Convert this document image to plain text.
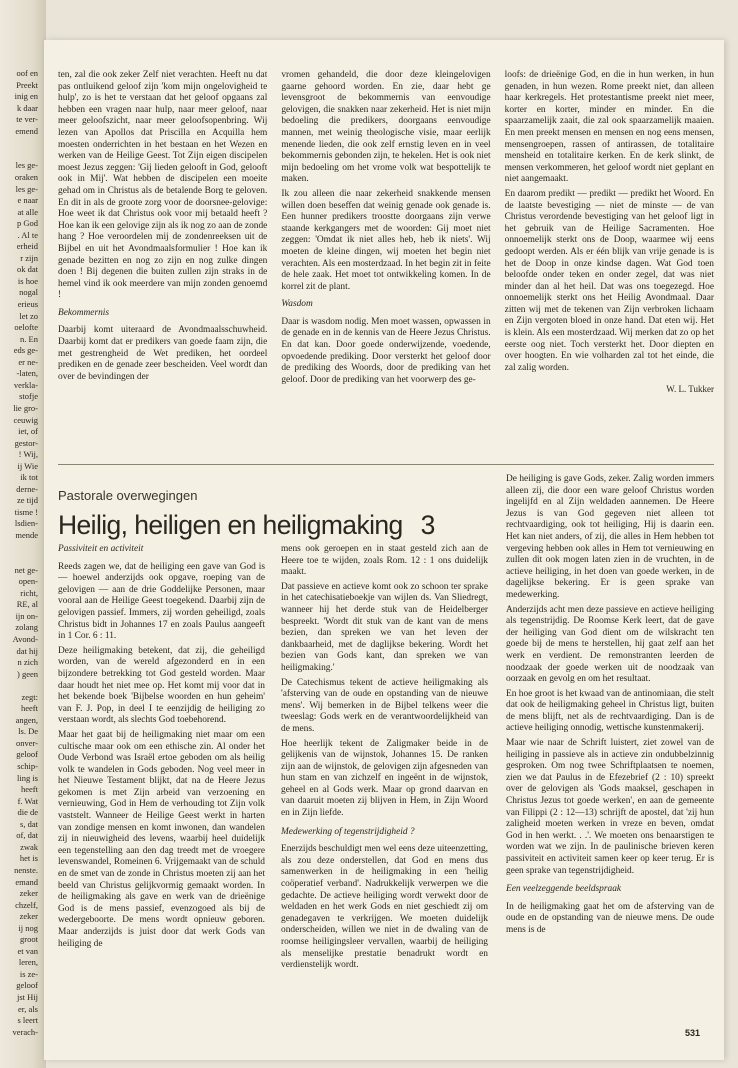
oof en
Preekt
inig en
k daar
te ver-
emend
les ge-
oraken
les ge-
e naar
at alle
p God
. Al te
erheid
r zijn
ok dat
is hoe
nogal
erieus
let zo
oelofte
n. En
eds ge-
er ne-
-laten,
verkla-
stofje
lie gro-
ceuwig
iet, of
gestor-
! Wij,
ij Wie
ik tot
derne-
ze tijd
tisme !
lsdien-
mende
net ge-
open-
richt,
RE, al
ijn on-
zolang
Avond-
dat hij
n zich
) geen
zegt:
heeft
angen,
ls. De
onver-
geloof
schip-
ling is
heeft
f. Wat
die de
s, dat
of, dat
zwak
het is
nenste.
emand
zeker
chzelf,
zeker
ij nog
groot
et van
leren,
is ze-
geloof
jst Hij
er, als
s leert
verach-

ten, zal die ook zeker Zelf niet verachten. Heeft nu dat pas ontluikend geloof zijn 'kom mijn ongelovigheid te hulp', zo is het te verstaan dat het geloof opgaans zal hebben een vragen naar hulp, naar meer geloof, naar meer geloofszicht, naar meer geloofsopenbring. Wij lezen van Apollos dat Priscilla en Acquilla hem moesten onderrichten in het bestaan en het Wezen en werken van de Heilige Geest. Tot Zijn eigen discipelen moest Jezus zeggen: 'Gij lieden gelooft in God, gelooft ook in Mij'. Wat hebben de discipelen een moeite gehad om in Christus als de betalende Borg te geloven. En dit in als de groote zorg voor de doorsnee-gelovige: Hoe weet ik dat Christus ook voor mij betaald heeft ? Hoe kan ik een gelovige zijn als ik nog zo aan de zonde hang ? Hoe veroordelen mij de zondenreeksen uit de Bijbel en uit het Avondmaalsformulier ! Hoe kan ik genade bezitten en nog zo zijn en nog zulke dingen doen ! Bij degenen die buiten zullen zijn straks in de hemel vind ik ook meerdere van mijn zonden genoemd !

Bekommernis

Daarbij komt uiteraard de Avondmaalsschuwheid. Daarbij komt dat er predikers van goede faam zijn, die met gestrengheid de Wet prediken, het oordeel prediken en de genade zeer bescheiden. Veel wordt dan over de bevindingen der

vromen gehandeld, die door deze kleingelovigen gaarne gehoord worden. En zie, daar hebt ge levensgroot de bekommernis van eenvoudige gelovigen, die snakken naar zekerheid. Het is niet mijn bedoeling die predikers, doorgaans eenvoudige mannen, met weinig theologische visie, maar eerlijk menende lieden, die ook zelf ernstig leven en in veel bekommernis gebonden zijn, te hekelen. Het is ook niet mijn bedoeling om het vrome volk wat bespottelijk te maken.

Ik zou alleen die naar zekerheid snakkende mensen willen doen beseffen dat weinig genade ook genade is. Een hunner predikers troostte doorgaans zijn verwe staande kerkgangers met de woorden: Gij moet niet zeggen: 'Omdat ik niet alles heb, heb ik niets'. Wij moeten de kleine dingen, wij moeten het begin niet verachten. Als een mosterdzaad. In het begin zit in feite de hele zaak. Het moet tot ontwikkeling komen. In de korrel zit de plant.

Wasdom

Daar is wasdom nodig. Men moet wassen, opwassen in de genade en in de kennis van de Heere Jezus Christus. En dat kan. Door goede onderwijzende, voedende, opvoedende prediking. Door versterkt het geloof door de prediking des Woords, door de prediking van het geloof. Door de prediking van het voorwerp des ge-

loofs: de drieënige God, en die in hun werken, in hun genaden, in hun wezen. Rome preekt niet, dan alleen haar kerkregels. Het protestantisme preekt niet meer, korter en korter, minder en minder. En die spaarzamelijk zaait, die zal ook spaarzamelijk maaien. En men preekt mensen en mensen en nog eens mensen, mensengroepen, rassen of antirassen, de totalitaire mensheid en totalitaire kerken. En de kerk slinkt, de mensen verkommeren, het geloof wordt niet geplant en niet aangemaakt.

En daarom predikt — predikt — predikt het Woord. En de laatste bevestiging — niet de minste — de van Christus verordende bevestiging van het geloof ligt in het gebruik van de Heilige Sacramenten. Hoe onnoemelijk sterkt ons de Doop, waarmee wij eens gedoopt werden. Als er één blijk van vrije genade is is het de Doop in onze kindse dagen. Wat God toen beloofde onder teken en onder zegel, dat was niet minder dan al het heil. Dat was ons toegezegd. Hoe onnoemelijk sterkt ons het Heilig Avondmaal. Daar zitten wij met de tekenen van Zijn verbroken lichaam en Zijn vergoten bloed in onze hand. Dat eten wij. Het is klein. Als een mosterdzaad. Wij merken dat zo op het eerste oog niet. Toch versterkt het. Door diepten en over hoogten. En wie volharden zal tot het einde, die zal zalig worden.

W. L. Tukker
Pastorale overwegingen
Heilig, heiligen en heiligmaking 3
Passiviteit en activiteit

Reeds zagen we, dat de heiliging een gave van God is — hoewel anderzijds ook opgave, roeping van de gelovigen — aan de drie Goddelijke Personen, maar vooral aan de Heilige Geest toegekend. Daarbij zijn de gelovigen passief. Immers, zij worden geheiligd, zoals Christus bidt in Johannes 17 en zoals Paulus aangeeft in 1 Cor. 6 : 11.

Deze heiligmaking betekent, dat zij, die geheiligd worden, van de wereld afgezonderd en in een bijzondere betrekking tot God gesteld worden. Maar daar houdt het niet mee op. Het komt mij voor dat in het bekende boek 'Bijbelse woorden en hun geheim' van F. J. Pop, in deel I te eenzijdig de heiliging zo verstaan wordt, als slechts God toebehorend.

Maar het gaat bij de heiligmaking niet maar om een cultische maar ook om een ethische zin. Al onder het Oude Verbond was Israël ertoe geboden om als heilig volk te wandelen in Gods geboden. Nog veel meer in het Nieuwe Testament blijkt, dat na de Heere Jezus gekomen is met Zijn arbeid van verzoening en vernieuwing, God in Hem de verhouding tot Zijn volk vaststelt. Wanneer de Heilige Geest werkt in harten van zondige mensen en komt inwonen, dan wandelen zij in nieuwigheid des levens, waarbij heel duidelijk een tegenstelling aan den dag treedt met de vroegere levenswandel, Romeinen 6. Vrijgemaakt van de schuld en de smet van de zonde in Christus moeten zij aan het beeld van Christus gelijkvormig gemaakt worden. In de heiligmaking als gave en werk van de drieënige God is de mens passief, evenzogoed als bij de wedergeboorte. De mens wordt opnieuw geboren. Maar anderzijds is juist door dat werk Gods van heiliging de

mens ook geroepen en in staat gesteld zich aan de Heere toe te wijden, zoals Rom. 12 : 1 ons duidelijk maakt.

Dat passieve en actieve komt ook zo schoon ter sprake in het catechisatieboekje van wijlen ds. Van Sliedregt, wanneer hij het derde stuk van de Heidelberger bespreekt. 'Wordt dit stuk van de kant van de mens bezien, dan spreken we van het leven der dankbaarheid, met de daglijkse bekering. Wordt het bezien van Gods kant, dan spreken we van heiligmaking.'

De Catechismus tekent de actieve heiligmaking als 'afsterving van de oude en opstanding van de nieuwe mens'. Wij bemerken in de Bijbel telkens weer die tweeslag: Gods werk en de verantwoordelijkheid van de mens.

Hoe heerlijk tekent de Zaligmaker beide in de gelijkenis van de wijnstok, Johannes 15. De ranken zijn aan de wijnstok, de gelovigen zijn afgesneden van hun stam en van zichzelf en ingeënt in de wijnstok, geheel en al Gods werk. Maar op grond daarvan en van daaruit moeten zij blijven in Hem, in Zijn Woord en in Zijn liefde.

Medewerking of tegenstrijdigheid ?

Enerzijds beschuldigt men wel eens deze uiteenzetting, als zou deze onderstellen, dat God en mens dus samenwerken in de heiligmaking in een 'heilig coöperatief verband'. Nadrukkelijk verwerpen we die gedachte. De actieve heiliging wordt verwekt door de weldaden en het werk Gods en niet geschiedt zij om genadegaven te verkrijgen. We moeten duidelijk onderscheiden, willen we niet in de dwaling van de roomse heiligingsleer vervallen, waarbij de heiliging als menselijke prestatie benadrukt wordt en verdienstelijk wordt.

De heiliging is gave Gods, zeker. Zalig worden immers alleen zij, die door een ware geloof Christus worden ingelijfd en al Zijn weldaden aannemen. De Heere Jezus is van God gegeven niet alleen tot rechtvaardiging, ook tot heiliging, Hij is daarin een. Het kan niet anders, of zij, die alles in Hem hebben tot vergeving hebben ook alles in Hem tot vernieuwing en zullen dit ook mogen laten zien in de vruchten, in de actieve heiliging, in het doen van goede werken, in de dagelijkse bekering. Er is geen sprake van medewerking.

Anderzijds acht men deze passieve en actieve heiliging als tegenstrijdig. De Roomse Kerk leert, dat de gave der heiliging van God dient om de wilskracht ten goede bij de mens te herstellen, hij gaat zelf aan het werk en verdient. De remonstranten leerden de noodzaak der goede werken uit de noodzaak van oorzaak en gevolg en om het resultaat.

En hoe groot is het kwaad van de antinomiaan, die stelt dat ook de heiligmaking geheel in Christus ligt, buiten de mens blijft, net als de rechtvaardiging. Dan is de actieve heiliging onnodig, wettische kunstenmakerij.

Maar wie naar de Schrift luistert, ziet zowel van de heiliging in passieve als in actieve zin ondubbelzinnig gesproken. Om nog twee Schriftplaatsen te noemen, zien we dat Paulus in de Efezebrief (2 : 10) spreekt over de gelovigen als 'Gods maaksel, geschapen in Christus Jezus tot goede werken', en aan de gemeente van Filippi (2 : 12—13) schrijft de apostel, dat 'zij hun zaligheid moeten werken in vreze en beven, omdat God in hen werkt. . .'. We moeten ons benaarstigen te worden wat we zijn. In de paulinische brieven keren passiviteit en activiteit samen keer op keer terug. Er is geen sprake van tegenstrijdigheid.

Een veelzeggende beeldspraak

In de heiligmaking gaat het om de afsterving van de oude en de opstanding van de nieuwe mens. De oude mens is de

531
